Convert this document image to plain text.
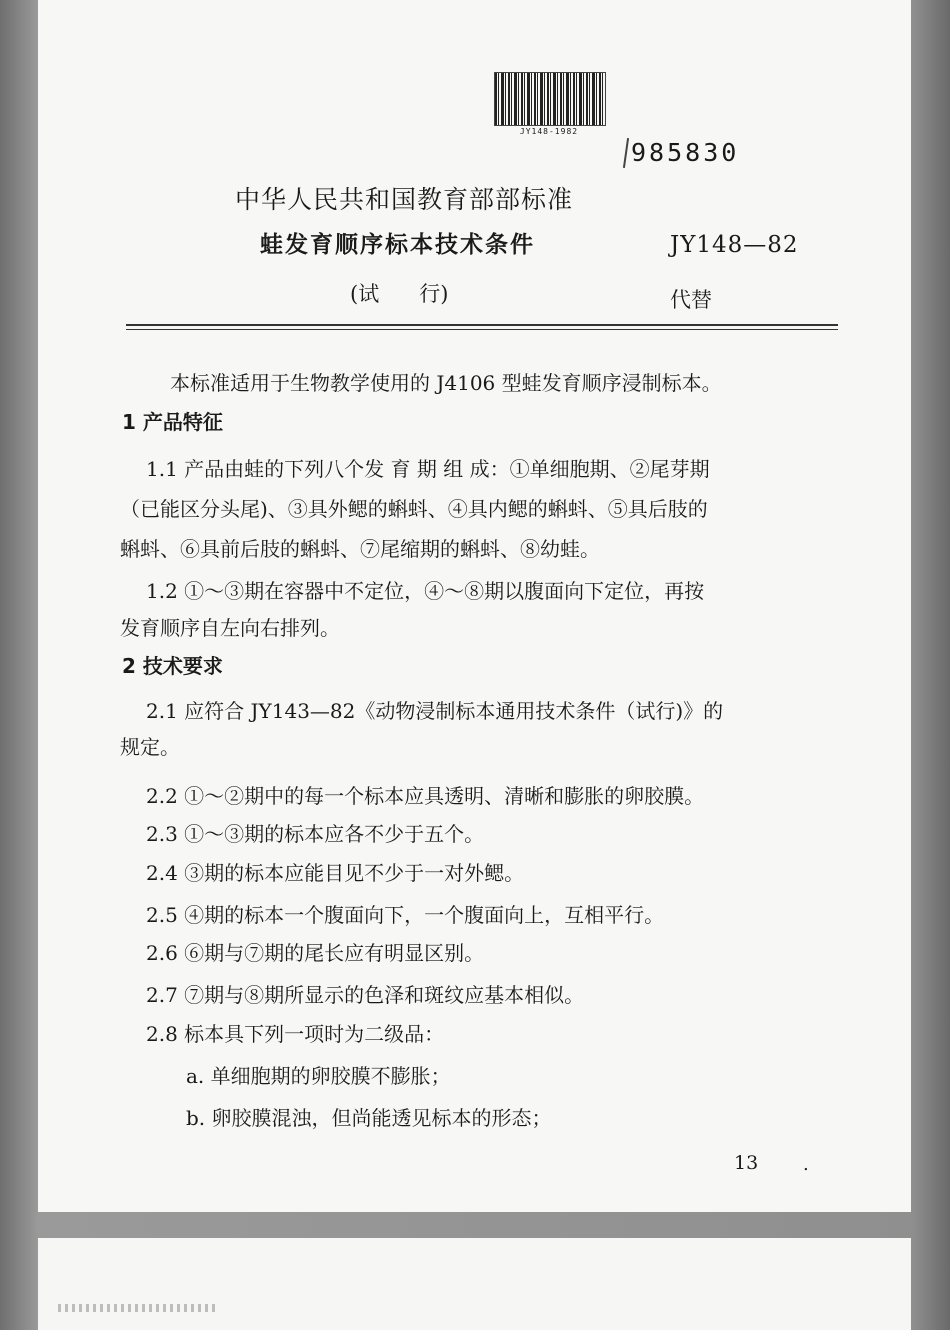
JY148-1982
985830
中华人民共和国教育部部标准
蛙发育顺序标本技术条件
(试      行)
JY148—82
代替
本标准适用于生物教学使用的 J4106 型蛙发育顺序浸制标本。
1 产品特征
1.1 产品由蛙的下列八个发 育 期 组 成：①单细胞期、②尾芽期
（已能区分头尾)、③具外鳃的蝌蚪、④具内鳃的蝌蚪、⑤具后肢的
蝌蚪、⑥具前后肢的蝌蚪、⑦尾缩期的蝌蚪、⑧幼蛙。
1.2 ①～③期在容器中不定位，④～⑧期以腹面向下定位，再按
发育顺序自左向右排列。
2 技术要求
2.1 应符合 JY143—82《动物浸制标本通用技术条件（试行)》的
规定。
2.2 ①～②期中的每一个标本应具透明、清晰和膨胀的卵胶膜。
2.3 ①～③期的标本应各不少于五个。
2.4 ③期的标本应能目见不少于一对外鳃。
2.5 ④期的标本一个腹面向下，一个腹面向上，互相平行。
2.6 ⑥期与⑦期的尾长应有明显区别。
2.7 ⑦期与⑧期所显示的色泽和斑纹应基本相似。
2.8 标本具下列一项时为二级品：
a. 单细胞期的卵胶膜不膨胀；
b. 卵胶膜混浊，但尚能透见标本的形态；
13 .
